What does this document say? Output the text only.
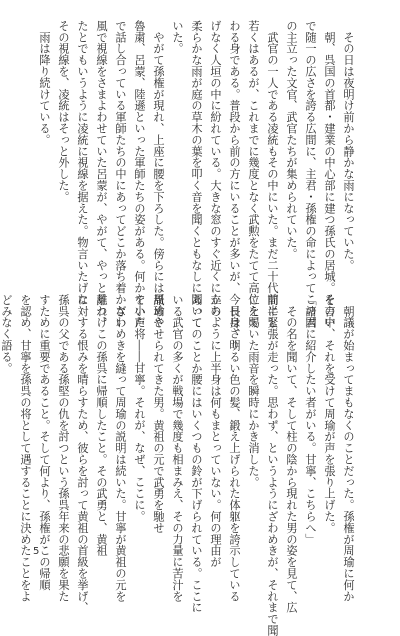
　その日は夜明け前から静かな雨になっていた。
　朝、呉国の首都・建業の中心部に建つ孫氏の居城。その中
で随一の広さを誇る広間に、主君・孫権の命によってこの国
の主立った文官、武官たちが集められていた。
　武官の一人である凌統もその中にいた。まだ二十代前半と
若くはあるが、これまでに幾度となく武勲をたてて高位を賜
わる身である。普段から前の方にいることが多いが、今日はさり
げなく人垣の中に紛れている。大きな窓のすぐ近くに立ち、
柔らかな雨が庭の草木の葉を叩く音を聞くともなしに聞いて
いた。
　やがて孫権が現れ、上座に腰を下ろした。傍らには周瑜や
魯粛、呂蒙、陸遜といった軍師たちの姿がある。何かを小声
で話し合っている軍師たちの中にあってどこか落ち着かない
風で視線をさまよわせていた呂蒙が、やがて、やっと見つけ
たとでもいうように凌統に視線を据えた。物言いたげな
その視線を、凌統はそっと外した。
　雨は降り続けている。
　朝議が始まってまもなくのことだった。孫権が周瑜に何か
を言い、それを受けて周瑜が声を張り上げた。
「諸君に紹介したい者がいる。甘寧、こちらへ」
　その名を聞いて、そして柱の陰から現れた男の姿を見て、広
間に緊張が走った。思わず、というようにざわめきが、それまで聞
こえていた雨音を瞬時にかき消した。
　長身、明るい色の髪、鍛え上げられた体躯を誇示している
かのように上半身は何もまとっていない。何の理由が
あってのことか腰にはいくつもの鈴が下げられている。ここに
いる武官の多くが戦場で幾度も相まみえ、その力量に苦汁を
舐めさせられてきた男。黄祖の元で武勇を馳せ
ていた将――甘寧。それが、なぜ、ここに。
　ざわめきを縫って周瑜の説明は続いた。甘寧が黄祖の元を
離れ、この孫呉に帰順したこと。その武勇と、黄祖
に対する恨みを晴らすため、彼らを討って黄祖の首級を挙げ、
孫呉の父である孫堅の仇を討つという孫呉年来の悲願を果た
すために重要であること。そして何より、孫権がこの帰順
を認め、甘寧を孫呉の将として遇することに決めたことをよ
どみなく語る。
5
